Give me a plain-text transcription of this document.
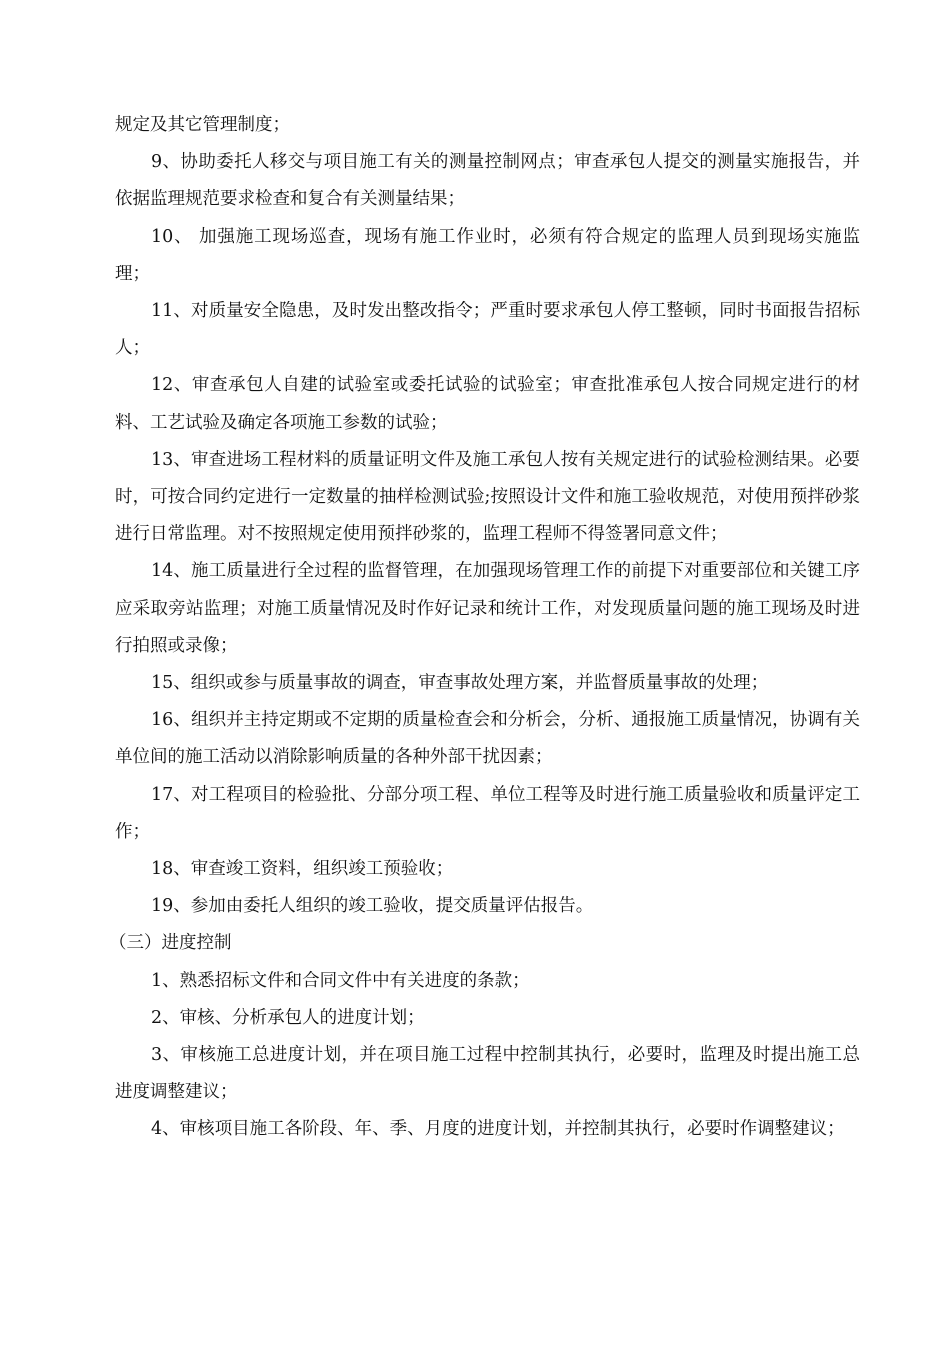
规定及其它管理制度；

9、协助委托人移交与项目施工有关的测量控制网点；审查承包人提交的测量实施报告，并依据监理规范要求检查和复合有关测量结果；

10、 加强施工现场巡查，现场有施工作业时，必须有符合规定的监理人员到现场实施监理；

11、对质量安全隐患，及时发出整改指令；严重时要求承包人停工整顿，同时书面报告招标人；

12、审查承包人自建的试验室或委托试验的试验室；审查批准承包人按合同规定进行的材料、工艺试验及确定各项施工参数的试验；

13、审查进场工程材料的质量证明文件及施工承包人按有关规定进行的试验检测结果。必要时，可按合同约定进行一定数量的抽样检测试验;按照设计文件和施工验收规范，对使用预拌砂浆进行日常监理。对不按照规定使用预拌砂浆的，监理工程师不得签署同意文件；

14、施工质量进行全过程的监督管理，在加强现场管理工作的前提下对重要部位和关键工序应采取旁站监理；对施工质量情况及时作好记录和统计工作，对发现质量问题的施工现场及时进行拍照或录像；

15、组织或参与质量事故的调查，审查事故处理方案，并监督质量事故的处理；

16、组织并主持定期或不定期的质量检查会和分析会，分析、通报施工质量情况，协调有关单位间的施工活动以消除影响质量的各种外部干扰因素；

17、对工程项目的检验批、分部分项工程、单位工程等及时进行施工质量验收和质量评定工作；

18、审查竣工资料，组织竣工预验收；

19、参加由委托人组织的竣工验收，提交质量评估报告。

（三）进度控制

1、熟悉招标文件和合同文件中有关进度的条款；

2、审核、分析承包人的进度计划；

3、审核施工总进度计划，并在项目施工过程中控制其执行，必要时，监理及时提出施工总进度调整建议；

4、审核项目施工各阶段、年、季、月度的进度计划，并控制其执行，必要时作调整建议；
